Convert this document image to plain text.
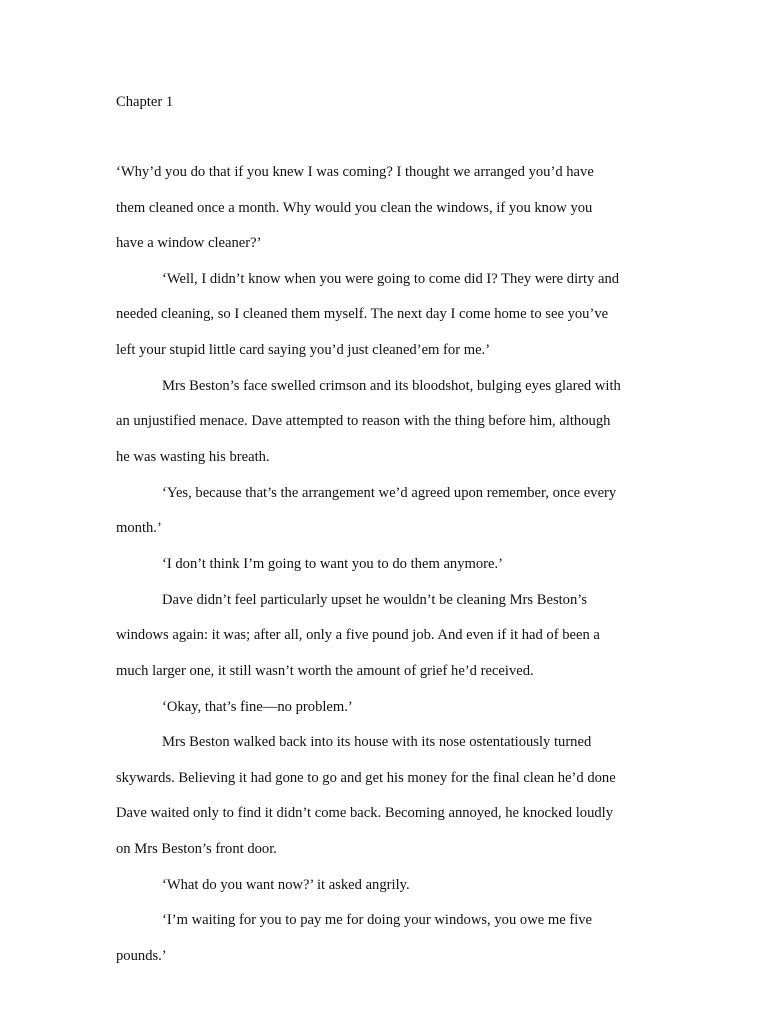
Chapter 1

‘Why’d you do that if you knew I was coming? I thought we arranged you’d have

them cleaned once a month. Why would you clean the windows, if you know you

have a window cleaner?’

‘Well, I didn’t know when you were going to come did I? They were dirty and

needed cleaning, so I cleaned them myself. The next day I come home to see you’ve

left your stupid little card saying you’d just cleaned’em for me.’

Mrs Beston’s face swelled crimson and its bloodshot, bulging eyes glared with

an unjustified menace. Dave attempted to reason with the thing before him, although

he was wasting his breath.

‘Yes, because that’s the arrangement we’d agreed upon remember, once every

month.’

‘I don’t think I’m going to want you to do them anymore.’

Dave didn’t feel particularly upset he wouldn’t be cleaning Mrs Beston’s

windows again: it was; after all, only a five pound job. And even if it had of been a

much larger one, it still wasn’t worth the amount of grief he’d received.

‘Okay, that’s fine—no problem.’

Mrs Beston walked back into its house with its nose ostentatiously turned

skywards. Believing it had gone to go and get his money for the final clean he’d done

Dave waited only to find it didn’t come back. Becoming annoyed, he knocked loudly

on Mrs Beston’s front door.

‘What do you want now?’ it asked angrily.

‘I’m waiting for you to pay me for doing your windows, you owe me five

pounds.’
